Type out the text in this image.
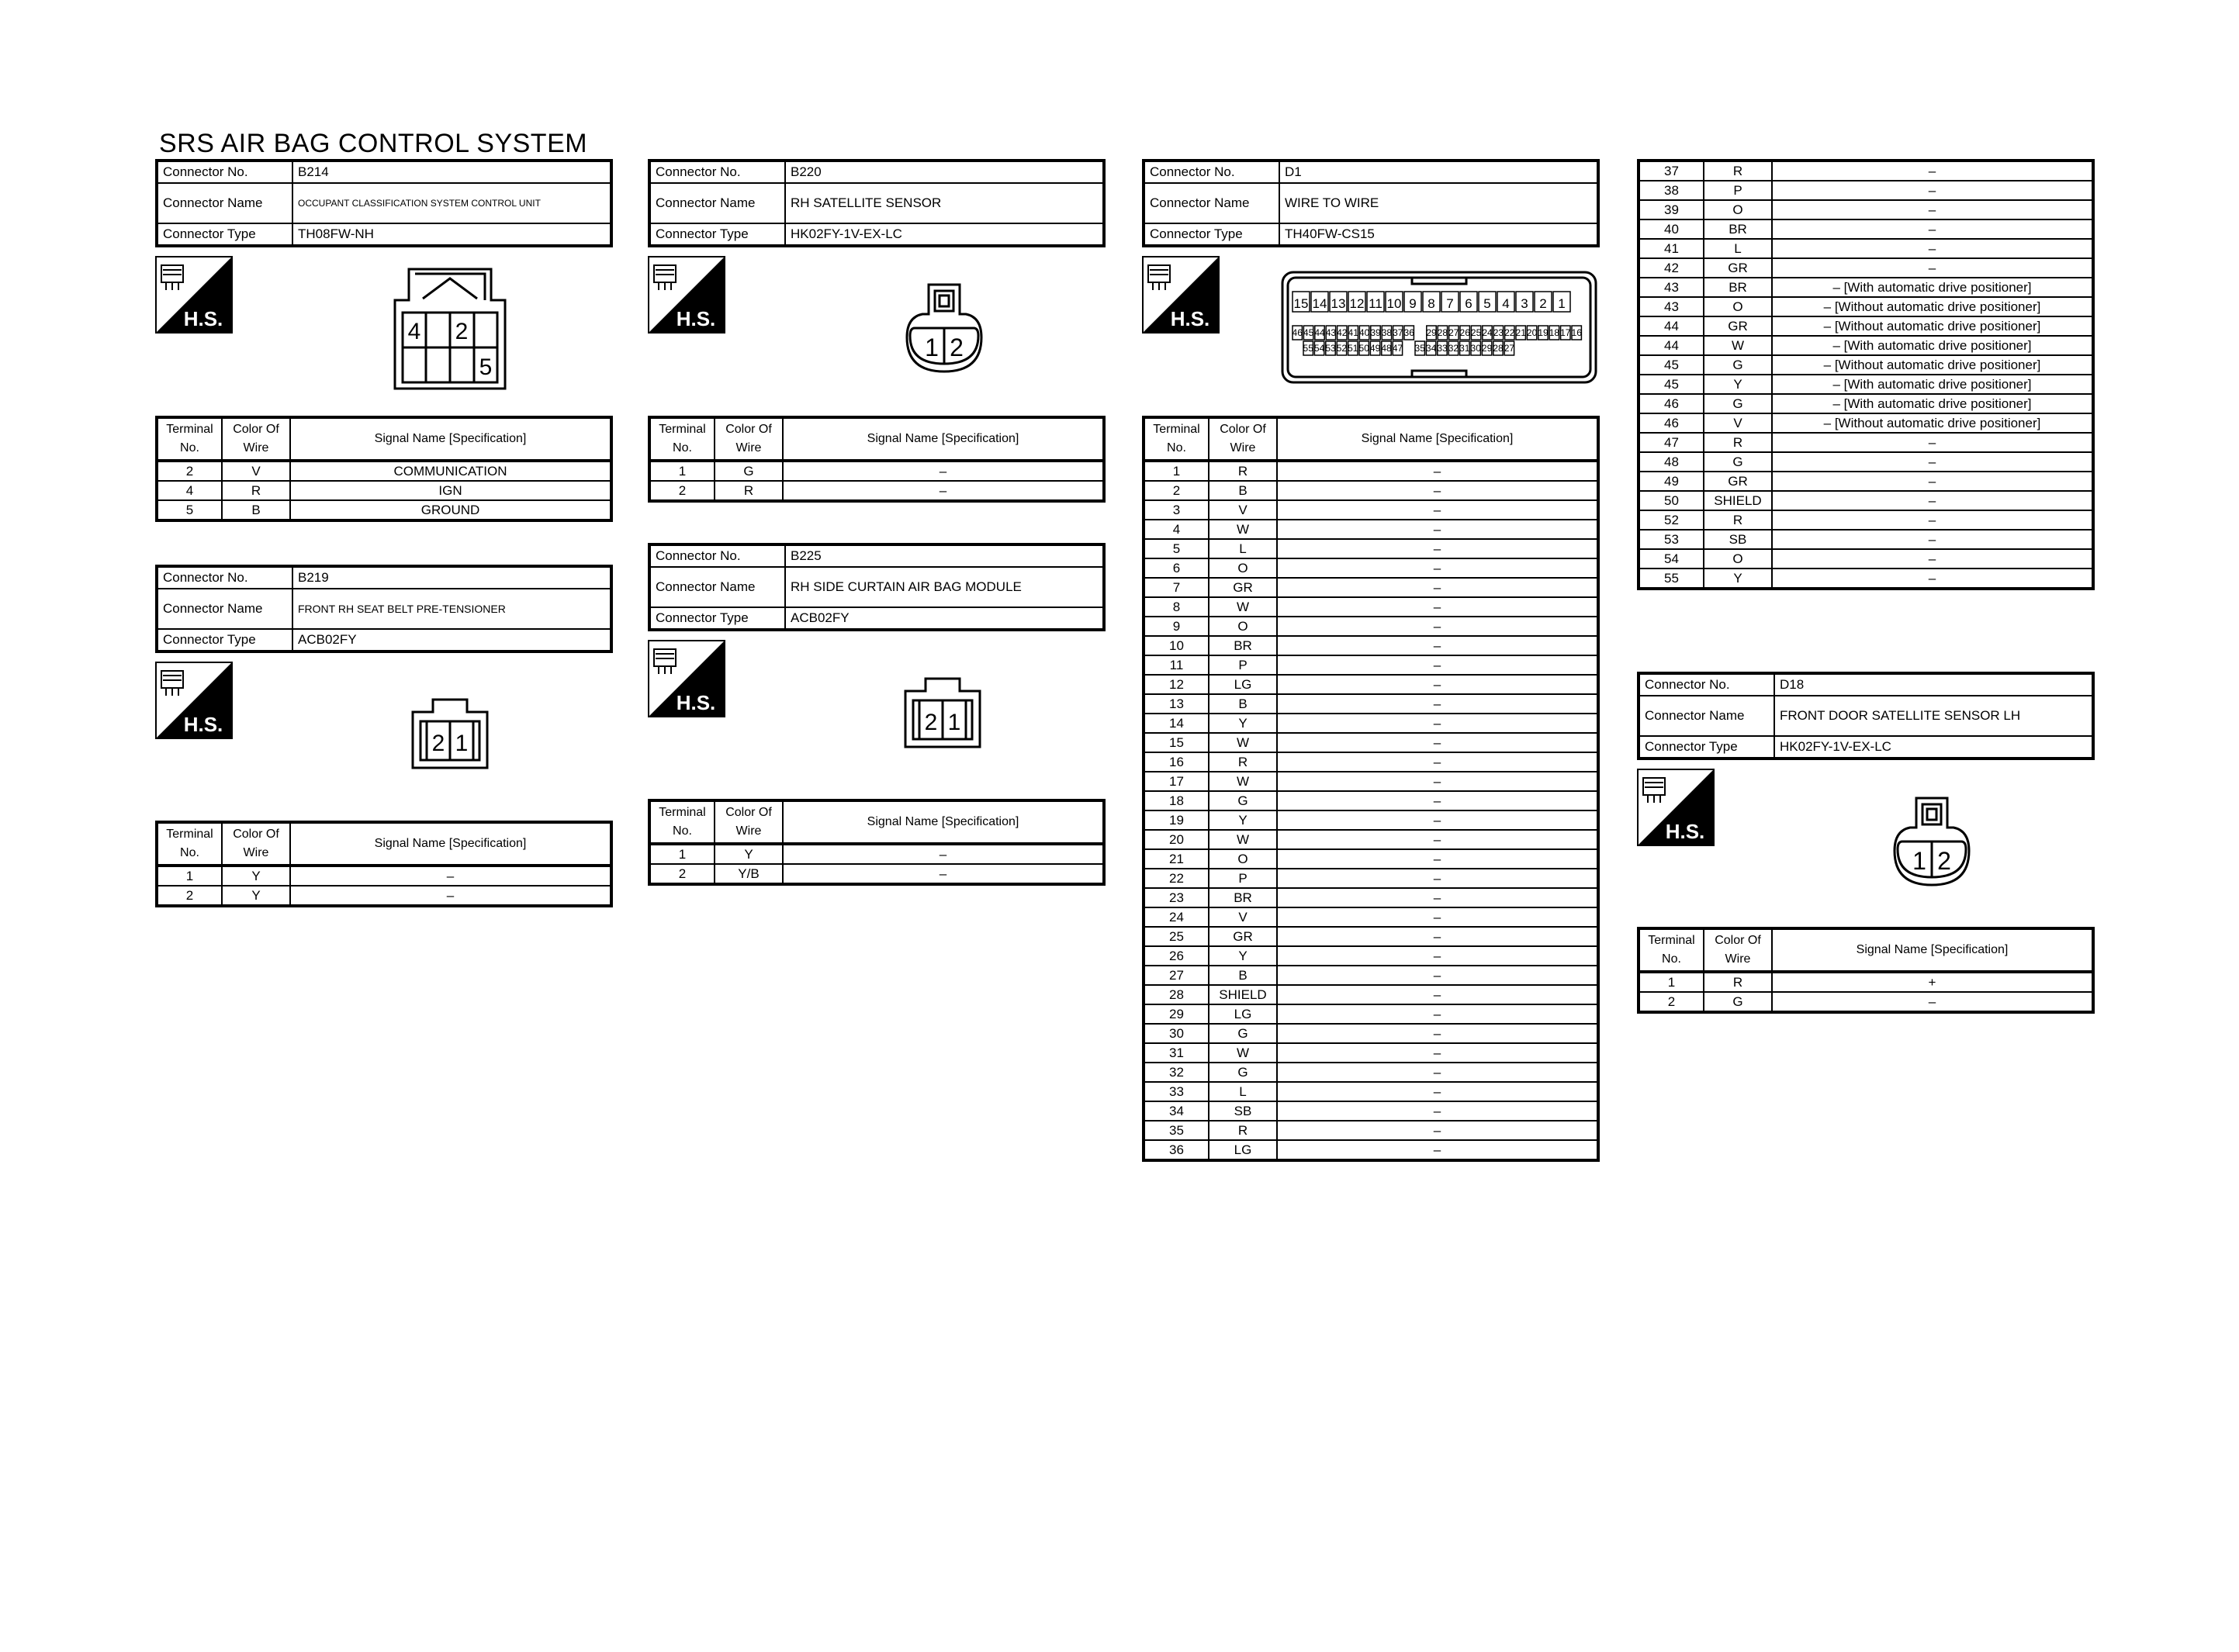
SRS AIR BAG CONTROL SYSTEM
Connector No.	B214
Connector Name	OCCUPANT CLASSIFICATION SYSTEM CONTROL UNIT
Connector Type	TH08FW-NH
H.S.	4 2
5
Terminal No.	Color Of Wire	Signal Name [Specification]
2	V	COMMUNICATION
4	R	IGN
5	B	GROUND
Connector No.	B219
Connector Name	FRONT RH SEAT BELT PRE-TENSIONER
Connector Type	ACB02FY
H.S.
2 1
Terminal No.	Color Of Wire	Signal Name [Specification]
1	Y	–
2	Y	–
Connector No.	B220
Connector Name	RH SATELLITE SENSOR
Connector Type	HK02FY-1V-EX-LC
H.S.
1 2
Terminal No.	Color Of Wire	Signal Name [Specification]
1	G	–
2	R	–
Connector No.	B225
Connector Name	RH SIDE CURTAIN AIR BAG MODULE
Connector Type	ACB02FY
H.S.
2 1
Terminal No.	Color Of Wire	Signal Name [Specification]
1	Y	–
2	Y/B	–
Connector No.	D1
Connector Name	WIRE TO WIRE
Connector Type	TH40FW-CS15
H.S.
15 14 13 12 11 10 9 8 7 6 5 4 3 2 1
46 45 44 43 42 41 40 39 38 37 36 29 28 27 26 25 24 23 22 21 20 19 18 17 16
55 54 53 52 51 50 49 48 47 35 34 33 32 31 30 29 28 27
Terminal No.	Color Of Wire	Signal Name [Specification]
1	R	–
2	B	–
3	V	–
4	W	–
5	L	–
6	O	–
7	GR	–
8	W	–
9	O	–
10	BR	–
11	P	–
12	LG	–
13	B	–
14	Y	–
15	W	–
16	R	–
17	W	–
18	G	–
19	Y	–
20	W	–
21	O	–
22	P	–
23	BR	–
24	V	–
25	GR	–
26	Y	–
27	B	–
28	SHIELD	–
29	LG	–
30	G	–
31	W	–
32	G	–
33	L	–
34	SB	–
35	R	–
36	LG	–
37	R	–
38	P	–
39	O	–
40	BR	–
41	L	–
42	GR	–
43	BR	– [With automatic drive positioner]
43	O	– [Without automatic drive positioner]
44	GR	– [Without automatic drive positioner]
44	W	– [With automatic drive positioner]
45	G	– [Without automatic drive positioner]
45	Y	– [With automatic drive positioner]
46	G	– [With automatic drive positioner]
46	V	– [Without automatic drive positioner]
47	R	–
48	G	–
49	GR	–
50	SHIELD	–
52	R	–
53	SB	–
54	O	–
55	Y	–
Connector No.	D18
Connector Name	FRONT DOOR SATELLITE SENSOR LH
Connector Type	HK02FY-1V-EX-LC
H.S.
1 2
Terminal No.	Color Of Wire	Signal Name [Specification]
1	R	+
2	G	–
